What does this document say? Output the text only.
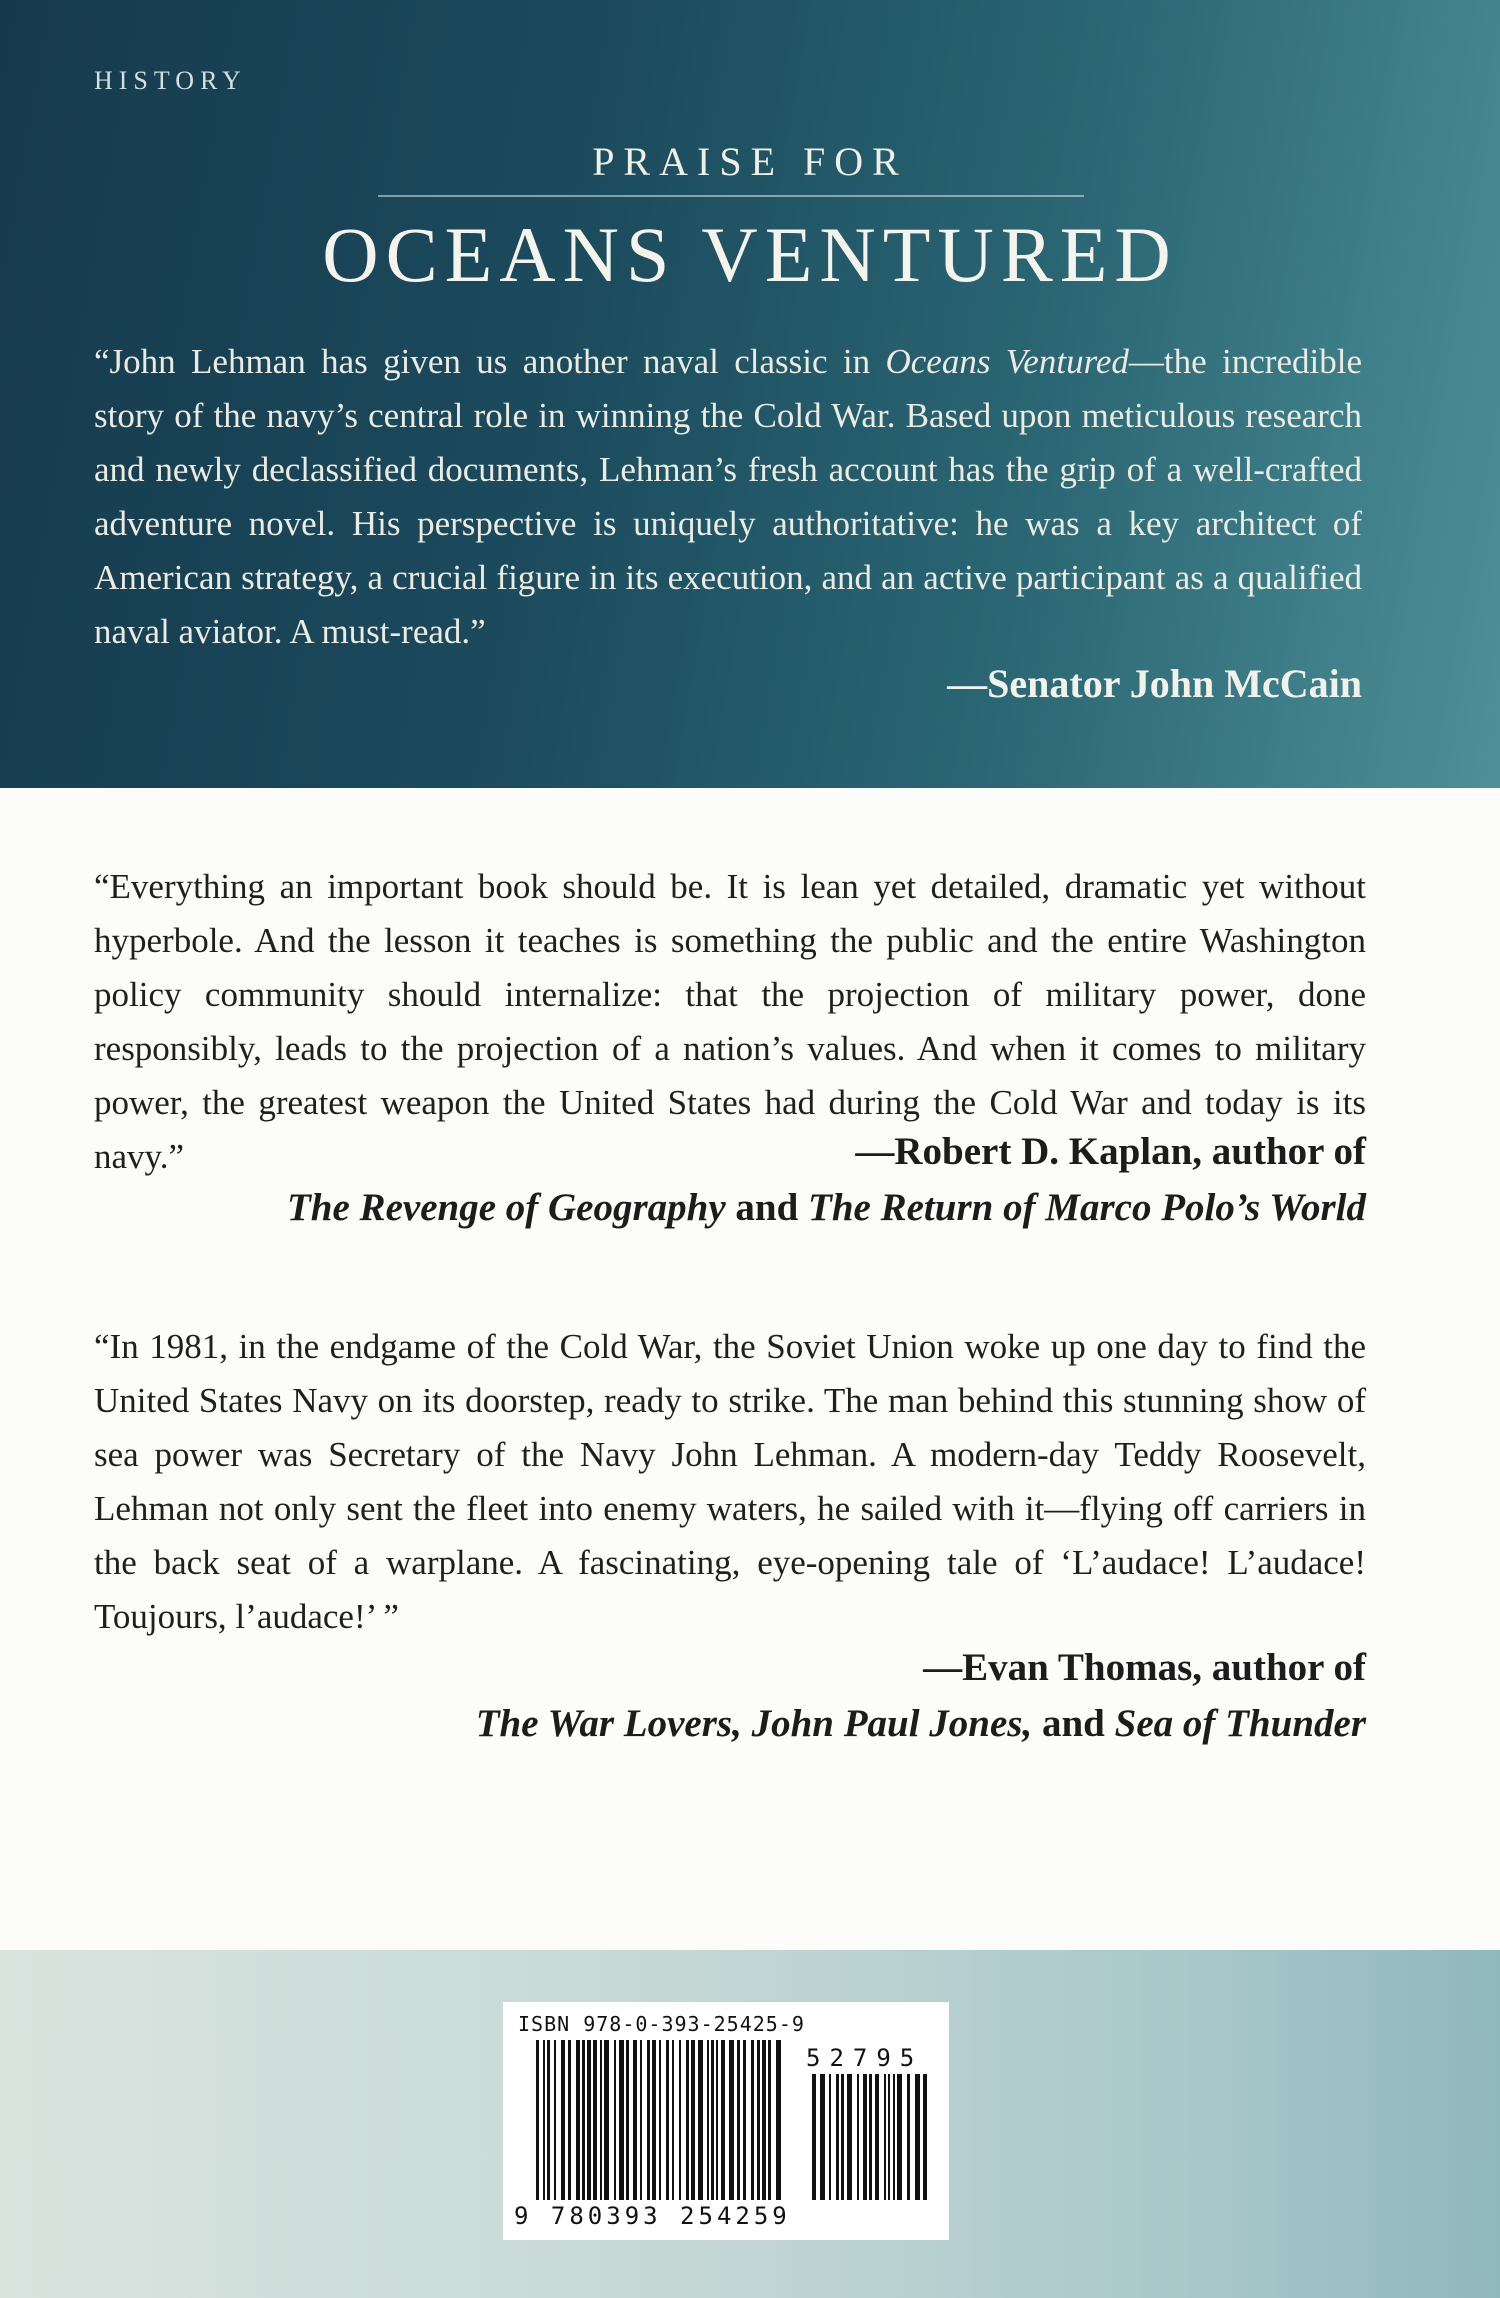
HISTORY
PRAISE FOR
OCEANS VENTURED

“John Lehman has given us another naval classic in Oceans Ventured—the incredible story of the navy’s central role in winning the Cold War. Based upon meticulous research and newly declassified documents, Lehman’s fresh account has the grip of a well-crafted adventure novel. His perspective is uniquely authoritative: he was a key architect of American strategy, a crucial figure in its execution, and an active participant as a qualified naval aviator. A must-read.”

—Senator John McCain

“Everything an important book should be. It is lean yet detailed, dramatic yet without hyperbole. And the lesson it teaches is something the public and the entire Washington policy community should internalize: that the projection of military power, done responsibly, leads to the projection of a nation’s values. And when it comes to military power, the greatest weapon the United States had during the Cold War and today is its navy.”	—Robert D. Kaplan, author of
The Revenge of Geography and The Return of Marco Polo’s World

“In 1981, in the endgame of the Cold War, the Soviet Union woke up one day to find the United States Navy on its doorstep, ready to strike. The man behind this stunning show of sea power was Secretary of the Navy John Lehman. A modern-day Teddy Roosevelt, Lehman not only sent the fleet into enemy waters, he sailed with it—flying off carriers in the back seat of a warplane. A fascinating, eye-opening tale of ‘L’audace! L’audace! Toujours, l’audace!’ ”

—Evan Thomas, author of
The War Lovers, John Paul Jones, and Sea of Thunder
ISBN 978-0-393-25425-9
52795
9 780393 254259
